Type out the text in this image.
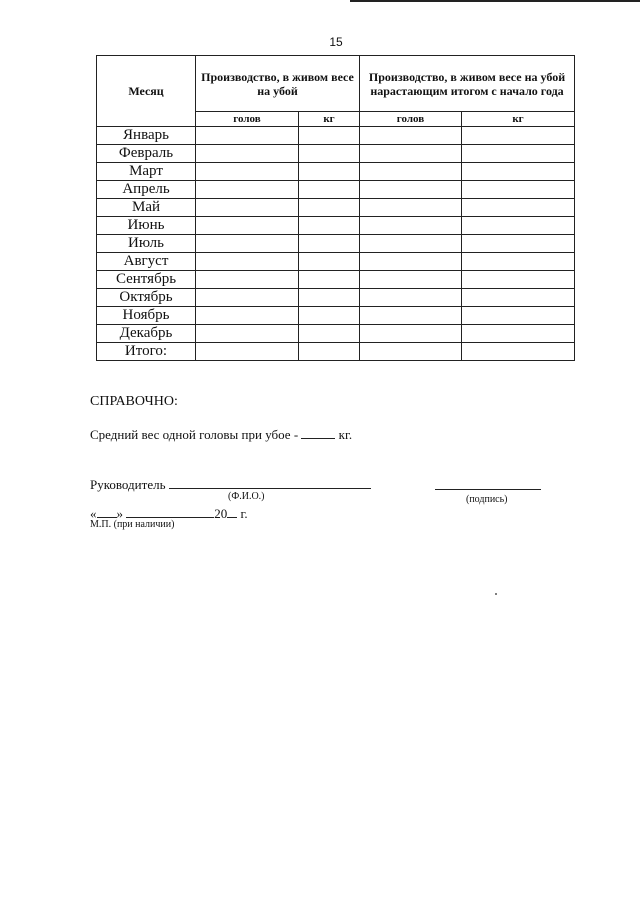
15
Месяц	Производство, в живом весе на убой		Производство, в живом весе на убой
нарастающим итогом с начало года	

	голов	кг	голов	кг
Январь				
Февраль				
Март				
Апрель				
Май				
Июнь				
Июль				
Август				
Сентябрь				
Октябрь				
Ноябрь				
Декабрь				
Итого:				
СПРАВОЧНО:
Средний вес одной головы при убое -	кг.
Руководитель
(Ф.И.О.)	(подпись)
« »	20 г.
М.П. (при наличии)
